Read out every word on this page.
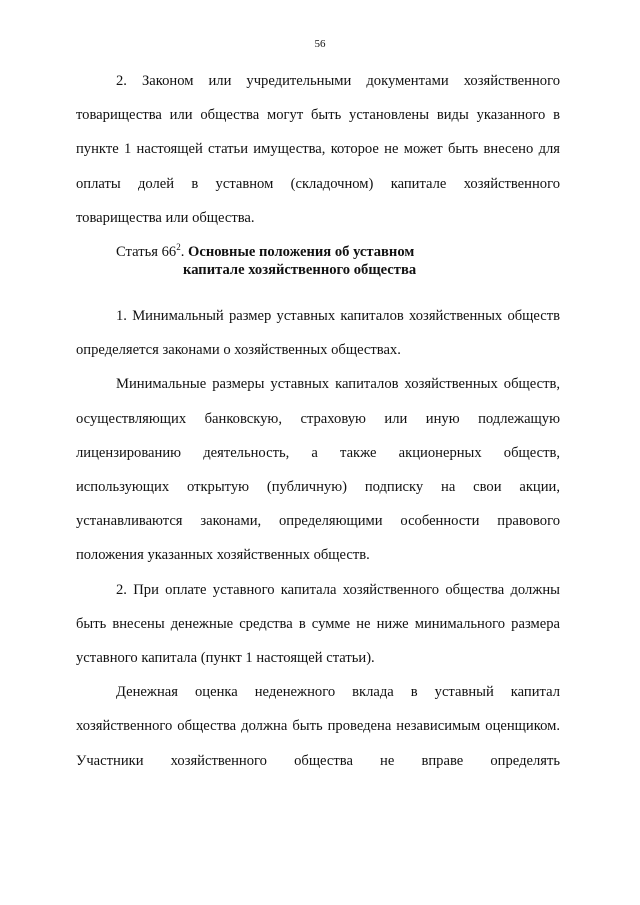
56

2. Законом или учредительными документами хозяйственного товарищества или общества могут быть установлены виды указанного в пункте 1 настоящей статьи имущества, которое не может быть внесено для оплаты долей в уставном (складочном) капитале хозяйственного товарищества или общества.

Статья $66^2$. Основные положения об уставном
капитале хозяйственного общества

1. Минимальный размер уставных капиталов хозяйственных обществ определяется законами о хозяйственных обществах.

Минимальные размеры уставных капиталов хозяйственных обществ, осуществляющих банковскую, страховую или иную подлежащую лицензированию деятельность, а также акционерных обществ, использующих открытую (публичную) подписку на свои акции, устанавливаются законами, определяющими особенности правового положения указанных хозяйственных обществ.

2. При оплате уставного капитала хозяйственного общества должны быть внесены денежные средства в сумме не ниже минимального размера уставного капитала (пункт 1 настоящей статьи).

Денежная оценка неденежного вклада в уставный капитал хозяйственного общества должна быть проведена независимым оценщиком. Участники хозяйственного общества не вправе определять
